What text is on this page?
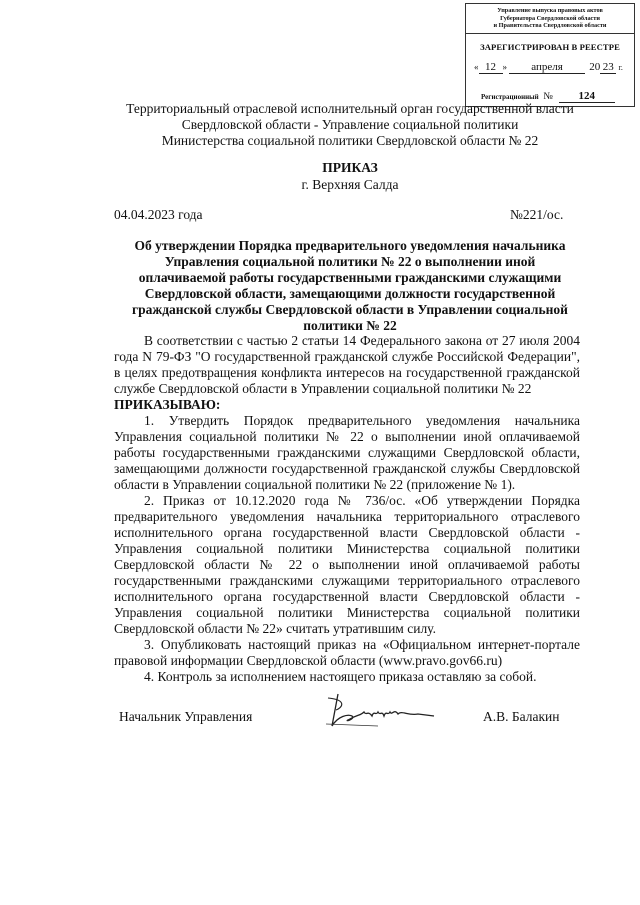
Управление выпуска правовых актов
Губернатора Свердловской области
и Правительства Свердловской области
ЗАРЕГИСТРИРОВАН В РЕЕСТРЕ
« 12 » апреля 20 23 г.
Регистрационный № 124
Территориальный отраслевой исполнительный орган государственной власти
Свердловской области - Управление социальной политики
Министерства социальной политики Свердловской области № 22
ПРИКАЗ
г. Верхняя Салда
04.04.2023 года	№221/ос.
Об утверждении Порядка предварительного уведомления начальника Управления социальной политики № 22 о выполнении иной оплачиваемой работы государственными гражданскими служащими Свердловской области, замещающими должности государственной гражданской службы Свердловской области в Управлении социальной политики № 22

В соответствии с частью 2 статьи 14 Федерального закона от 27 июля 2004 года N 79-ФЗ "О государственной гражданской службе Российской Федерации", в целях предотвращения конфликта интересов на государственной гражданской службе Свердловской области в Управлении социальной политики № 22

ПРИКАЗЫВАЮ:

1. Утвердить Порядок предварительного уведомления начальника Управления социальной политики № 22 о выполнении иной оплачиваемой работы государственными гражданскими служащими Свердловской области, замещающими должности государственной гражданской службы Свердловской области в Управлении социальной политики № 22 (приложение № 1).

2. Приказ от 10.12.2020 года № 736/ос. «Об утверждении Порядка предварительного уведомления начальника территориального отраслевого исполнительного органа государственной власти Свердловской области - Управления социальной политики Министерства социальной политики Свердловской области № 22 о выполнении иной оплачиваемой работы государственными гражданскими служащими территориального отраслевого исполнительного органа государственной власти Свердловской области - Управления социальной политики Министерства социальной политики Свердловской области № 22» считать утратившим силу.

3. Опубликовать настоящий приказ на «Официальном интернет-портале правовой информации Свердловской области (www.pravo.gov66.ru)

4. Контроль за исполнением настоящего приказа оставляю за собой.

Начальник Управления	А.В. Балакин
